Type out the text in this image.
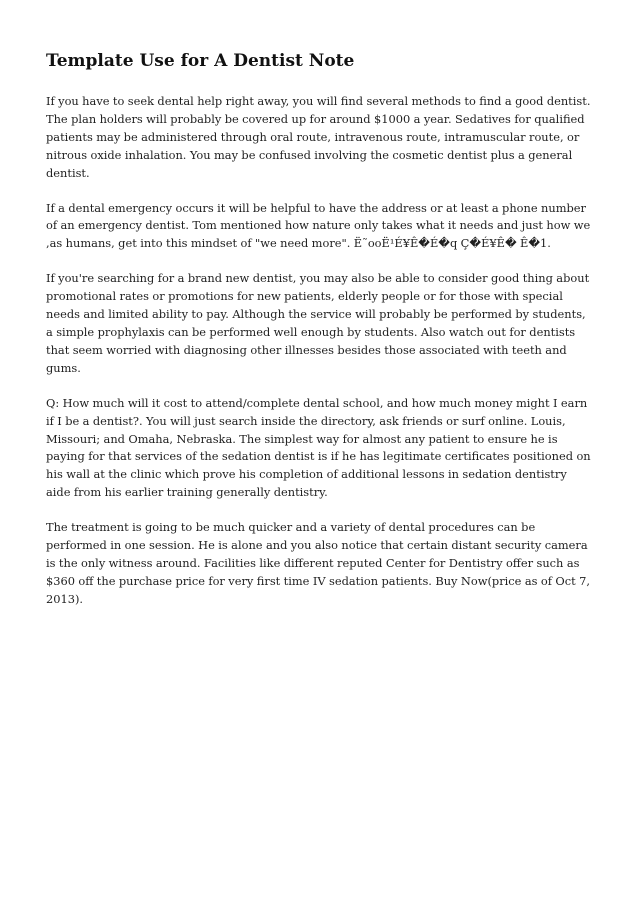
Template Use for A Dentist Note

If you have to seek dental help right away, you will find several methods to find a good dentist. The plan holders will probably be covered up for around $1000 a year. Sedatives for qualified patients may be administered through oral route, intravenous route, intramuscular route, or nitrous oxide inhalation. You may be confused involving the cosmetic dentist plus a general dentist.

If a dental emergency occurs it will be helpful to have the address or at least a phone number of an emergency dentist. Tom mentioned how nature only takes what it needs and just how we ,as humans, get into this mindset of "we need more". Ë˜ooË¹É¥Ê�É�q Ç�É¥Ê� Ê�1.

If you're searching for a brand new dentist, you may also be able to consider good thing about promotional rates or promotions for new patients, elderly people or for those with special needs and limited ability to pay. Although the service will probably be performed by students, a simple prophylaxis can be performed well enough by students. Also watch out for dentists that seem worried with diagnosing other illnesses besides those associated with teeth and gums.

Q: How much will it cost to attend/complete dental school, and how much money might I earn if I be a dentist?. You will just search inside the directory, ask friends or surf online. Louis, Missouri; and Omaha, Nebraska. The simplest way for almost any patient to ensure he is paying for that services of the sedation dentist is if he has legitimate certificates positioned on his wall at the clinic which prove his completion of additional lessons in sedation dentistry aide from his earlier training generally dentistry.

The treatment is going to be much quicker and a variety of dental procedures can be performed in one session. He is alone and you also notice that certain distant security camera is the only witness around. Facilities like different reputed Center for Dentistry offer such as $360 off the purchase price for very first time IV sedation patients. Buy Now(price as of Oct 7, 2013).
